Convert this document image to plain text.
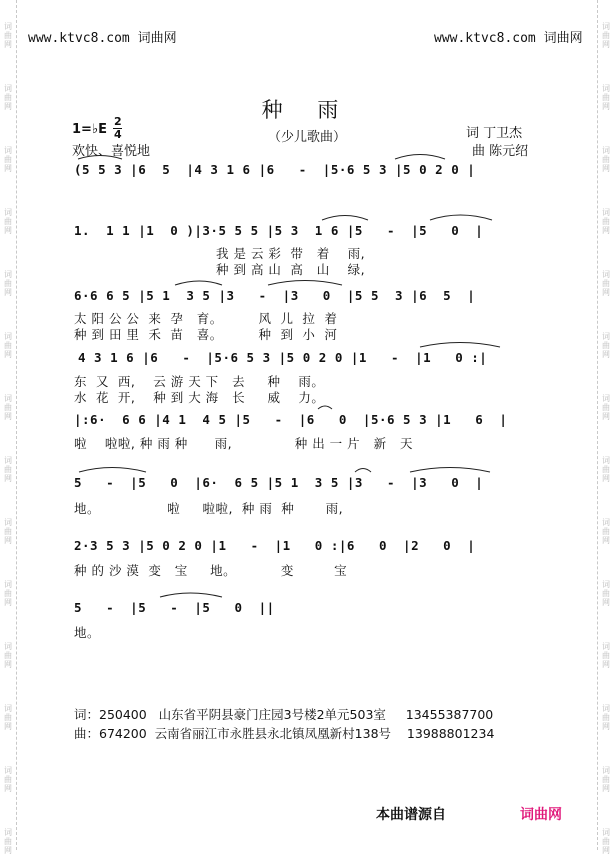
词
曲
网
词
曲
网
词
曲
网
词
曲
网
词
曲
网
词
曲
网
词
曲
网
词
曲
网
词
曲
网
词
曲
网
词
曲
网
词
曲
网
词
曲
网
词
曲
网
词
曲
网
词
曲
网
词
曲
网
词
曲
网
词
曲
网
词
曲
网
词
曲
网
词
曲
网
词
曲
网
词
曲
网
词
曲
网
词
曲
网
词
曲
网
词
曲
网
www.ktvc8.com 词曲网	www.ktvc8.com 词曲网
种 雨
（少儿歌曲）
1=♭E
2
4
欢快、喜悦地
词 丁卫杰
曲 陈元绍
(5 5 3 |6  5  |4 3 1 6 |6   -  |5·6 5 3 |5 0 2 0 |
1.  1 1 |1  0 )|3·5 5 5 |5 3  1 6 |5   -  |5   0  |
我 是 云 彩  带   着    雨,
种 到 高 山  高   山    绿,
6·6 6 5 |5 1  3 5 |3   -  |3   0  |5 5  3 |6  5  |
太 阳 公 公  来  孕   育。        风  儿  拉  着
种 到 田 里  禾  苗   喜。        种  到  小  河
4 3 1 6 |6   -  |5·6 5 3 |5 0 2 0 |1   -  |1   0 :|
东  又  西,    云 游 天 下   去     种    雨。
水  花  开,    种 到 大 海   长     威    力。
|:6·  6 6 |4 1  4 5 |5   -  |6   0  |5·6 5 3 |1   6  |
啦    啦啦, 种 雨 种      雨,              种 出 一 片   新   天
5   -  |5   0  |6·  6 5 |5 1  3 5 |3   -  |3   0  |
地。               啦     啦啦,  种 雨  种       雨,
2·3 5 3 |5 0 2 0 |1   -  |1   0 :|6   0  |2   0  |
种 的 沙 漠  变   宝     地。          变         宝
5   -  |5   -  |5   0  ||
地。
词：250400   山东省平阴县豪门庄园3号楼2单元503室     13455387700
曲：674200  云南省丽江市永胜县永北镇凤凰新村138号    13988801234
本曲谱源自	词曲网
